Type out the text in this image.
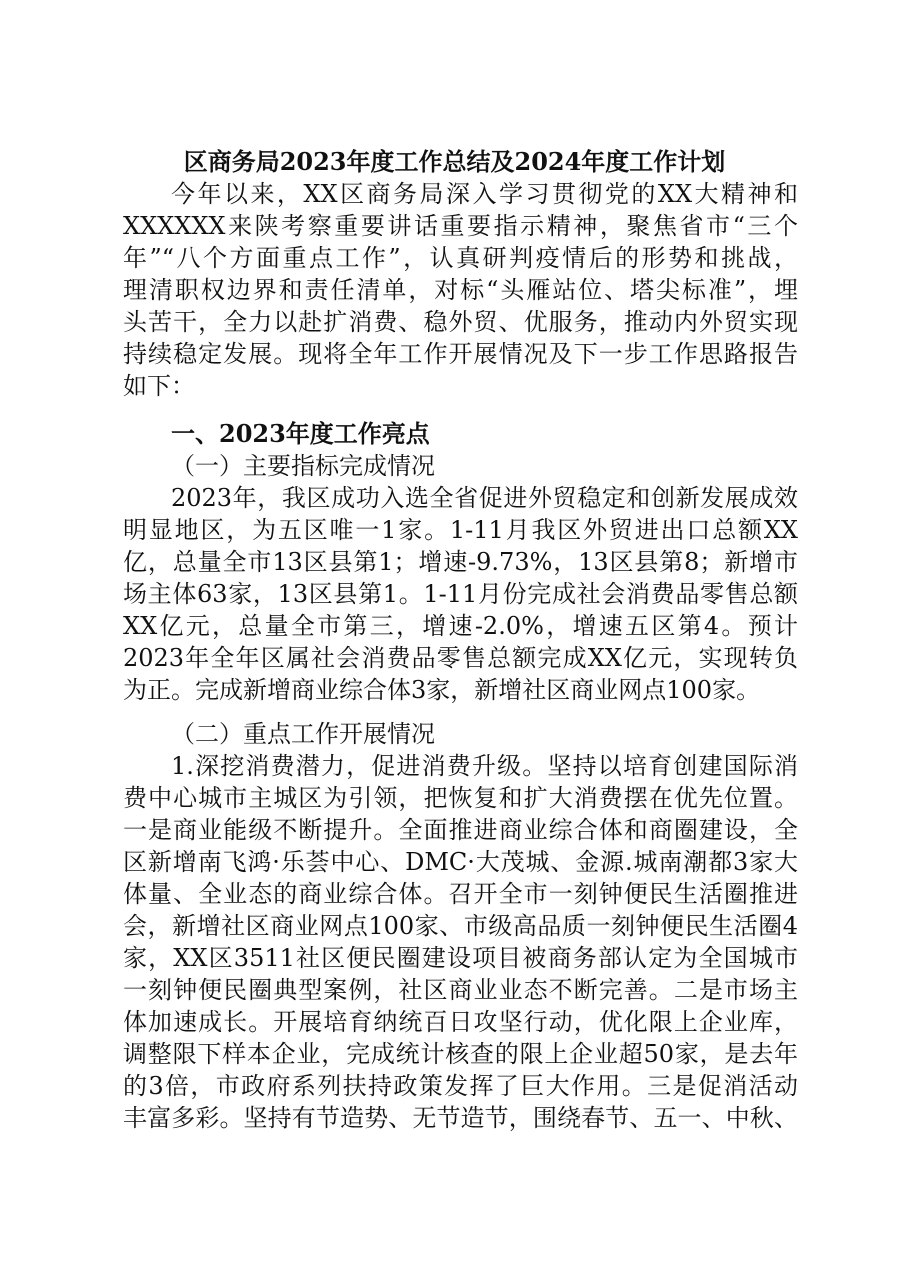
区商务局2023年度工作总结及2024年度工作计划
今年以来，XX区商务局深入学习贯彻党的XX大精神和
XXXXXX来陕考察重要讲话重要指示精神，聚焦省市“三个
年”“八个方面重点工作”，认真研判疫情后的形势和挑战，
理清职权边界和责任清单，对标“头雁站位、塔尖标准”，埋
头苦干，全力以赴扩消费、稳外贸、优服务，推动内外贸实现
持续稳定发展。现将全年工作开展情况及下一步工作思路报告
如下：
一、2023年度工作亮点
（一）主要指标完成情况
2023年，我区成功入选全省促进外贸稳定和创新发展成效
明显地区，为五区唯一1家。1-11月我区外贸进出口总额XX
亿，总量全市13区县第1；增速-9.73%，13区县第8；新增市
场主体63家，13区县第1。1-11月份完成社会消费品零售总额
XX亿元，总量全市第三，增速-2.0%，增速五区第4。预计
2023年全年区属社会消费品零售总额完成XX亿元，实现转负
为正。完成新增商业综合体3家，新增社区商业网点100家。
（二）重点工作开展情况
1.深挖消费潜力，促进消费升级。坚持以培育创建国际消
费中心城市主城区为引领，把恢复和扩大消费摆在优先位置。
一是商业能级不断提升。全面推进商业综合体和商圈建设，全
区新增南飞鸿·乐荟中心、DMC·大茂城、金源.城南潮都3家大
体量、全业态的商业综合体。召开全市一刻钟便民生活圈推进
会，新增社区商业网点100家、市级高品质一刻钟便民生活圈4
家，XX区3511社区便民圈建设项目被商务部认定为全国城市
一刻钟便民圈典型案例，社区商业业态不断完善。二是市场主
体加速成长。开展培育纳统百日攻坚行动，优化限上企业库，
调整限下样本企业，完成统计核查的限上企业超50家，是去年
的3倍，市政府系列扶持政策发挥了巨大作用。三是促消活动
丰富多彩。坚持有节造势、无节造节，围绕春节、五一、中秋、
